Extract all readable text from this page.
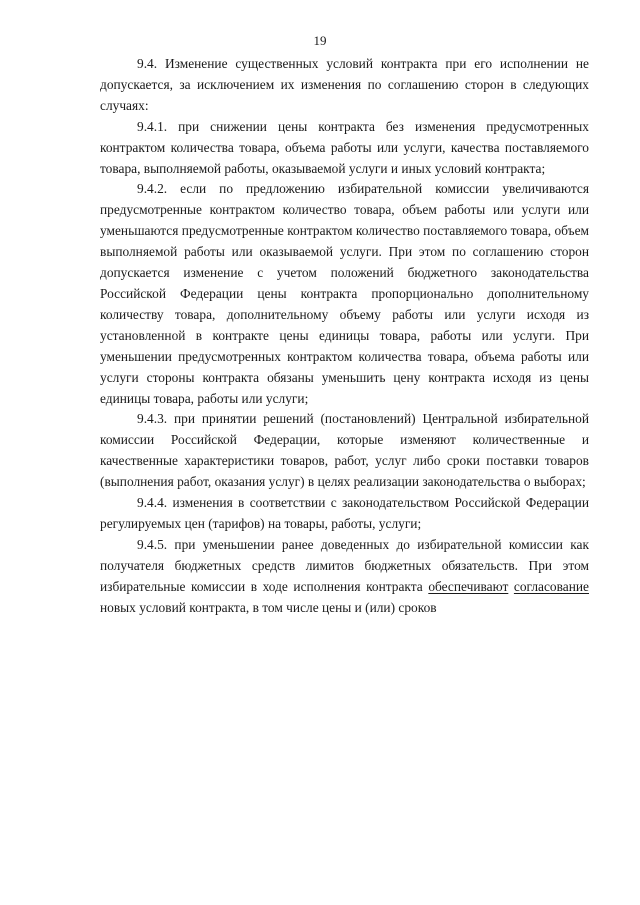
19

9.4. Изменение существенных условий контракта при его исполнении не допускается, за исключением их изменения по соглашению сторон в следующих случаях:

9.4.1. при снижении цены контракта без изменения предусмотренных контрактом количества товара, объема работы или услуги, качества поставляемого товара, выполняемой работы, оказываемой услуги и иных условий контракта;

9.4.2. если по предложению избирательной комиссии увеличиваются предусмотренные контрактом количество товара, объем работы или услуги или уменьшаются предусмотренные контрактом количество поставляемого товара, объем выполняемой работы или оказываемой услуги. При этом по соглашению сторон допускается изменение с учетом положений бюджетного законодательства Российской Федерации цены контракта пропорционально дополнительному количеству товара, дополнительному объему работы или услуги исходя из установленной в контракте цены единицы товара, работы или услуги. При уменьшении предусмотренных контрактом количества товара, объема работы или услуги стороны контракта обязаны уменьшить цену контракта исходя из цены единицы товара, работы или услуги;

9.4.3. при принятии решений (постановлений) Центральной избирательной комиссии Российской Федерации, которые изменяют количественные и качественные характеристики товаров, работ, услуг либо сроки поставки товаров (выполнения работ, оказания услуг) в целях реализации законодательства о выборах;

9.4.4. изменения в соответствии с законодательством Российской Федерации регулируемых цен (тарифов) на товары, работы, услуги;

9.4.5. при уменьшении ранее доведенных до избирательной комиссии как получателя бюджетных средств лимитов бюджетных обязательств. При этом избирательные комиссии в ходе исполнения контракта обеспечивают согласование новых условий контракта, в том числе цены и (или) сроков
